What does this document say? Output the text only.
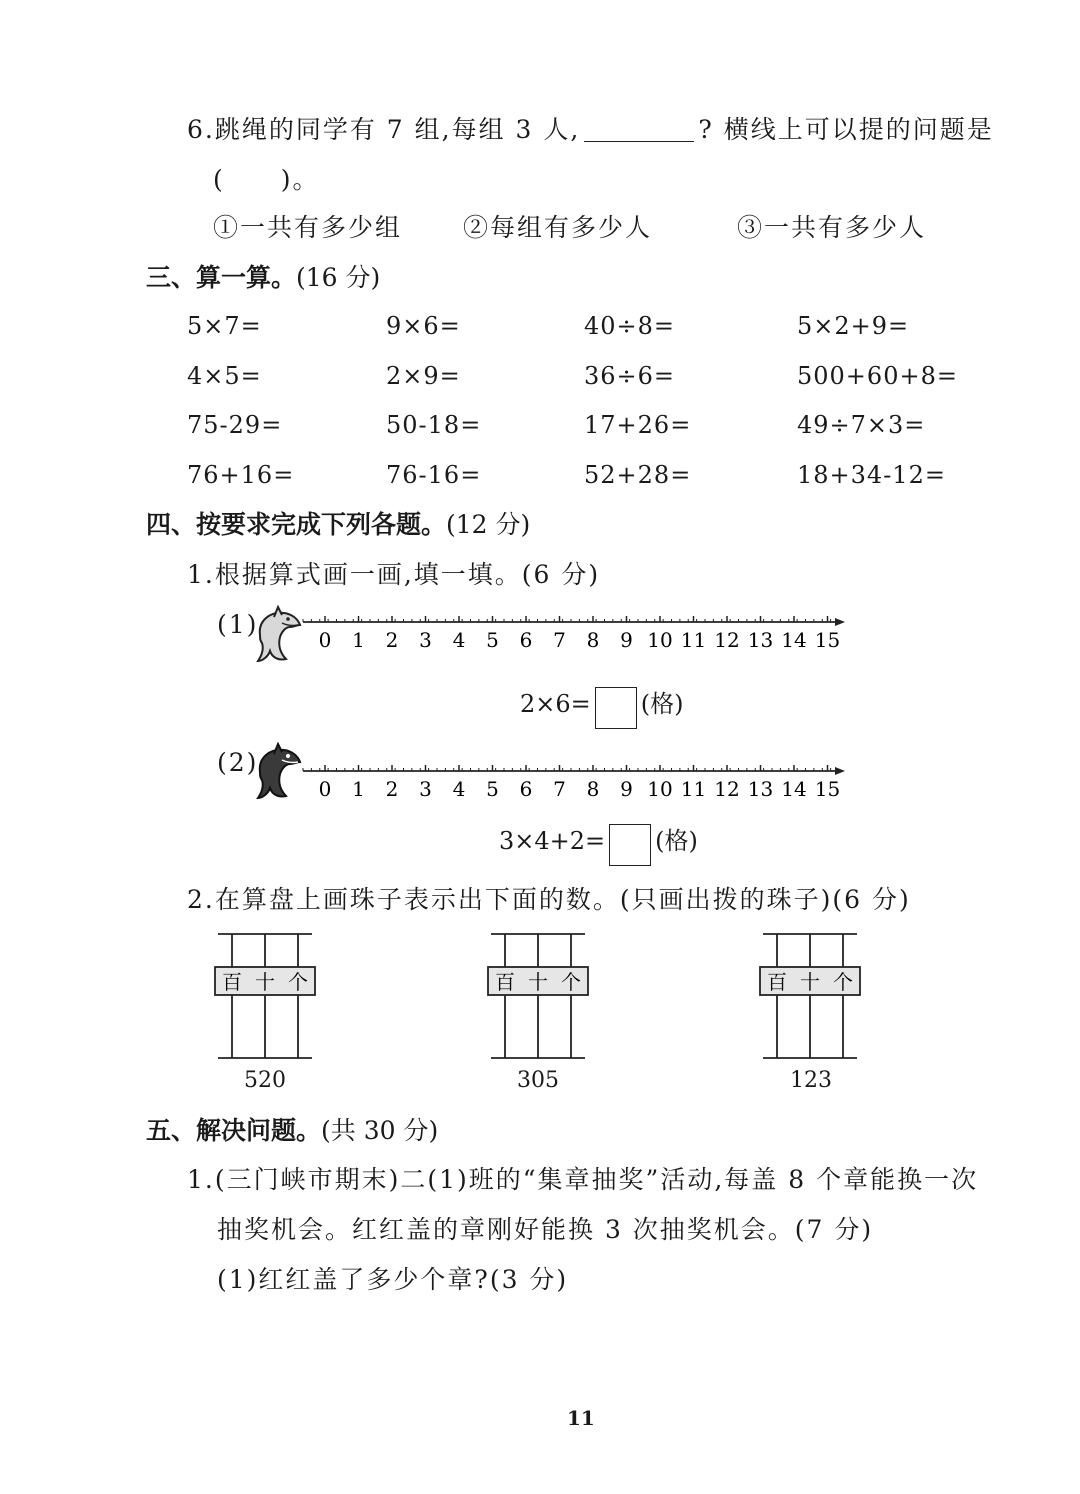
6.跳绳的同学有 7 组,每组 3 人,	? 横线上可以提的问题是
( )。
①一共有多少组 ②每组有多少人	③一共有多少人
三、算一算。(16 分)
5×7=	9×6=	40÷8=	5×2+9=
4×5=	2×9=	36÷6=	500+60+8=
75-29=	50-18=	17+26=	49÷7×3=
76+16=	76-16=	52+28=	18+34-12=
四、按要求完成下列各题。(12 分)
1.根据算式画一画,填一填。(6 分)
(1)
0 1 2 3 4 5 6 7 8 9 10 11 12 13 14 15
2×6= (格)
(2)
0 1 2 3 4 5 6 7 8 9 10 11 12 13 14 15
3×4+2= (格)
2.在算盘上画珠子表示出下面的数。(只画出拨的珠子)(6 分)
百 十 个
520
百 十 个
305
百 十 个
123
五、解决问题。(共 30 分)
1.(三门峡市期末)二(1)班的“集章抽奖”活动,每盖 8 个章能换一次
抽奖机会。红红盖的章刚好能换 3 次抽奖机会。(7 分)
(1)红红盖了多少个章?(3 分)
11
